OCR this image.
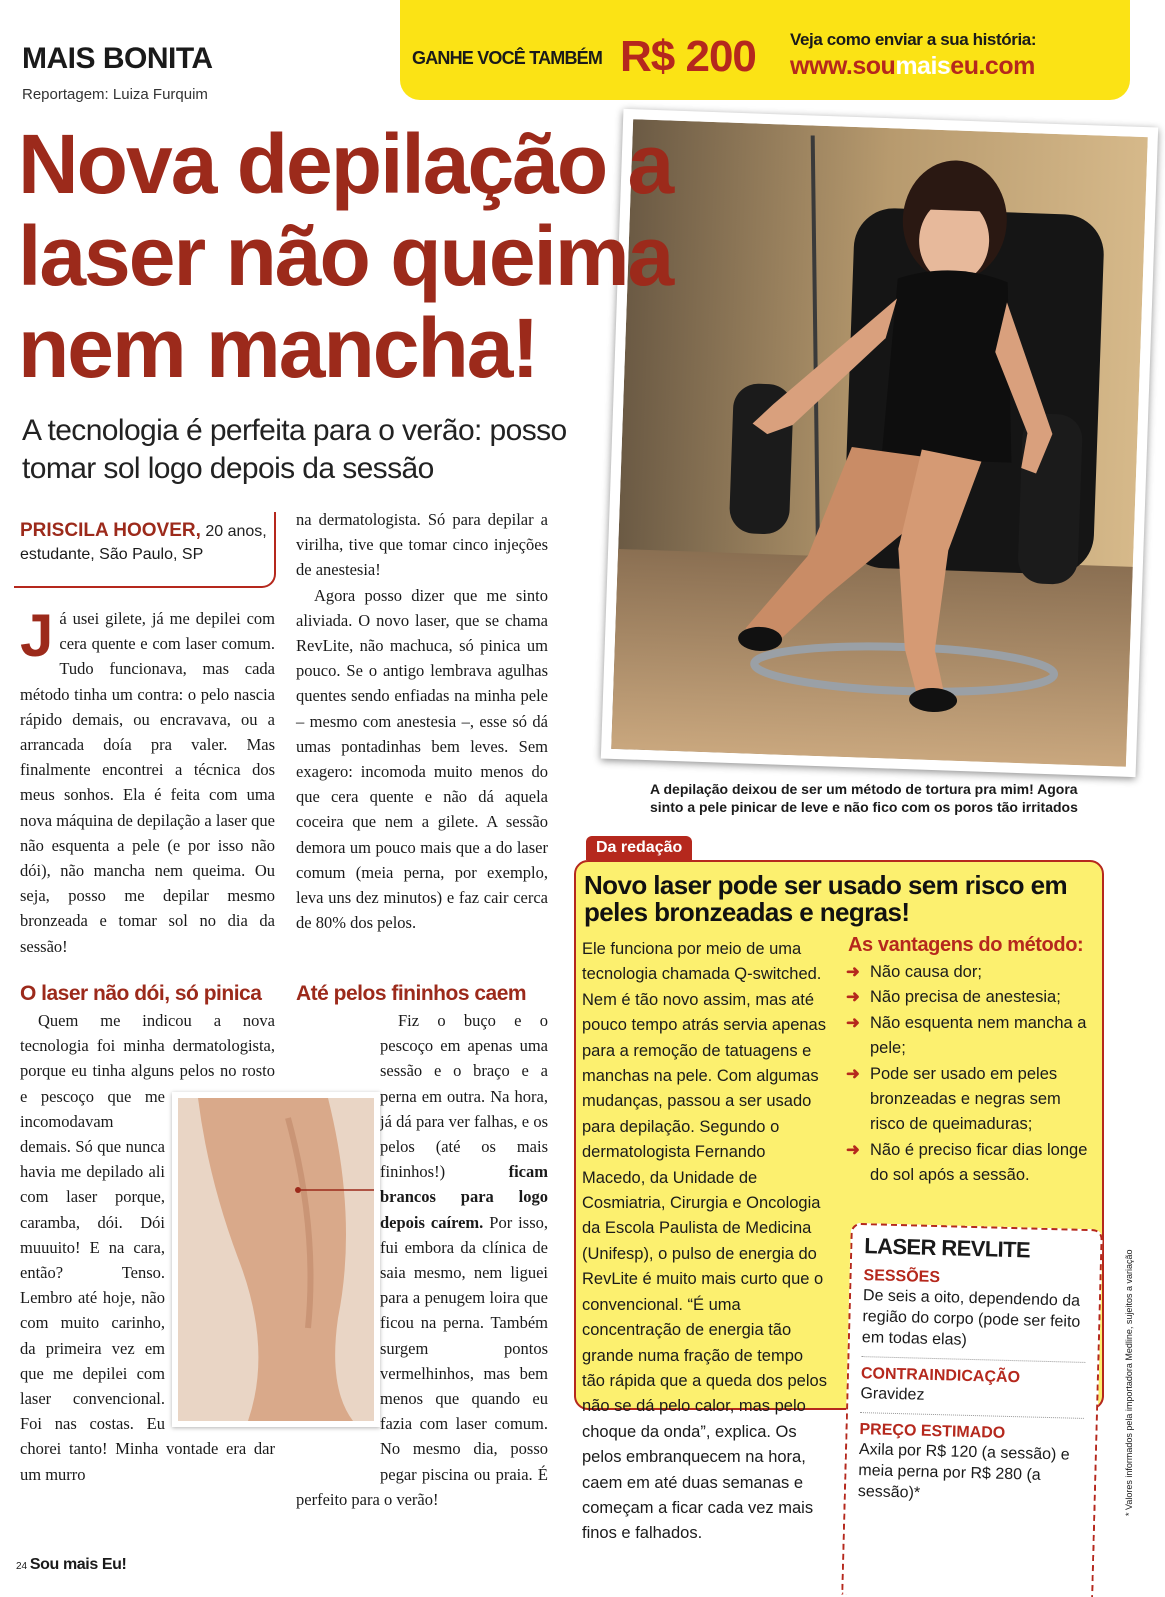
MAIS BONITA
Reportagem: Luiza Furquim
GANHE VOCÊ TAMBÉM R$ 200 Veja como enviar a sua história:
www.soumaiseu.com
Nova depilação a laser não queima nem mancha!
A tecnologia é perfeita para o verão: posso tomar sol logo depois da sessão
A depilação deixou de ser um método de tortura pra mim! Agora sinto a pele pinicar de leve e não fico com os poros tão irritados
PRISCILA HOOVER, 20 anos,
estudante, São Paulo, SP
Já usei gilete, já me depilei com cera quente e com laser comum. Tudo funcionava, mas cada método tinha um contra: o pelo nascia rápido demais, ou encravava, ou a arrancada doía pra valer. Mas finalmente encontrei a técnica dos meus sonhos. Ela é feita com uma nova máquina de depilação a laser que não esquenta a pele (e por isso não dói), não mancha nem queima. Ou seja, posso me depilar mesmo bronzeada e tomar sol no dia da sessão!

na dermatologista. Só para depilar a virilha, tive que tomar cinco injeções de anestesia!

Agora posso dizer que me sinto aliviada. O novo laser, que se chama RevLite, não machuca, só pinica um pouco. Se o antigo lembrava agulhas quentes sendo enfiadas na minha pele – mesmo com anestesia –, esse só dá umas pontadinhas bem leves. Sem exagero: incomoda muito menos do que cera quente e não dá aquela coceira que nem a gilete. A sessão demora um pouco mais que a do laser comum (meia perna, por exemplo, leva uns dez minutos) e faz cair cerca de 80% dos pelos.

O laser não dói, só pinica Até pelos fininhos caem
Quem me indicou a nova tecnologia foi minha dermatologista, porque eu tinha alguns pelos no rosto e pescoço que me incomodavam demais. Só que nunca havia me depilado ali com laser porque, caramba, dói. Dói muuuito! E na cara, então? Tenso. Lembro até hoje, não com muito carinho, da primeira vez em que me depilei com laser convencional. Foi nas costas. Eu chorei tanto! Minha vontade era dar um murro
Fiz o buço e o pescoço em apenas uma sessão e o braço e a perna em outra. Na hora, já dá para ver falhas, e os pelos (até os mais fininhos!) ficam brancos para logo depois caírem. Por isso, fui embora da clínica de saia mesmo, nem liguei para a penugem loira que ficou na perna. Também surgem pontos vermelhinhos, mas bem menos que quando eu fazia com laser comum. No mesmo dia, posso pegar piscina ou praia. É perfeito para o verão!
Da redação
Novo laser pode ser usado sem risco em peles bronzeadas e negras!
Ele funciona por meio de uma tecnologia chamada Q-switched. Nem é tão novo assim, mas até pouco tempo atrás servia apenas para a remoção de tatuagens e manchas na pele. Com algumas mudanças, passou a ser usado para depilação. Segundo o dermatologista Fernando Macedo, da Unidade de Cosmiatria, Cirurgia e Oncologia da Escola Paulista de Medicina (Unifesp), o pulso de energia do RevLite é muito mais curto que o convencional. “É uma concentração de energia tão grande numa fração de tempo tão rápida que a queda dos pelos não se dá pelo calor, mas pelo choque da onda”, explica. Os pelos embranquecem na hora, caem em até duas semanas e começam a ficar cada vez mais finos e falhados.
As vantagens do método:
➜ Não causa dor;
➜ Não precisa de anestesia;
➜ Não esquenta nem mancha a pele;
➜ Pode ser usado em peles bronzeadas e negras sem risco de queimaduras;
➜ Não é preciso ficar dias longe do sol após a sessão.
LASER REVLITE
SESSÕES
De seis a oito, dependendo da região do corpo (pode ser feito em todas elas)
CONTRAINDICAÇÃO
Gravidez
PREÇO ESTIMADO
Axila por R$ 120 (a sessão) e meia perna por R$ 280 (a sessão)*	* Valores informados pela importadora Medline, sujeitos a variação
24 Sou mais Eu!
